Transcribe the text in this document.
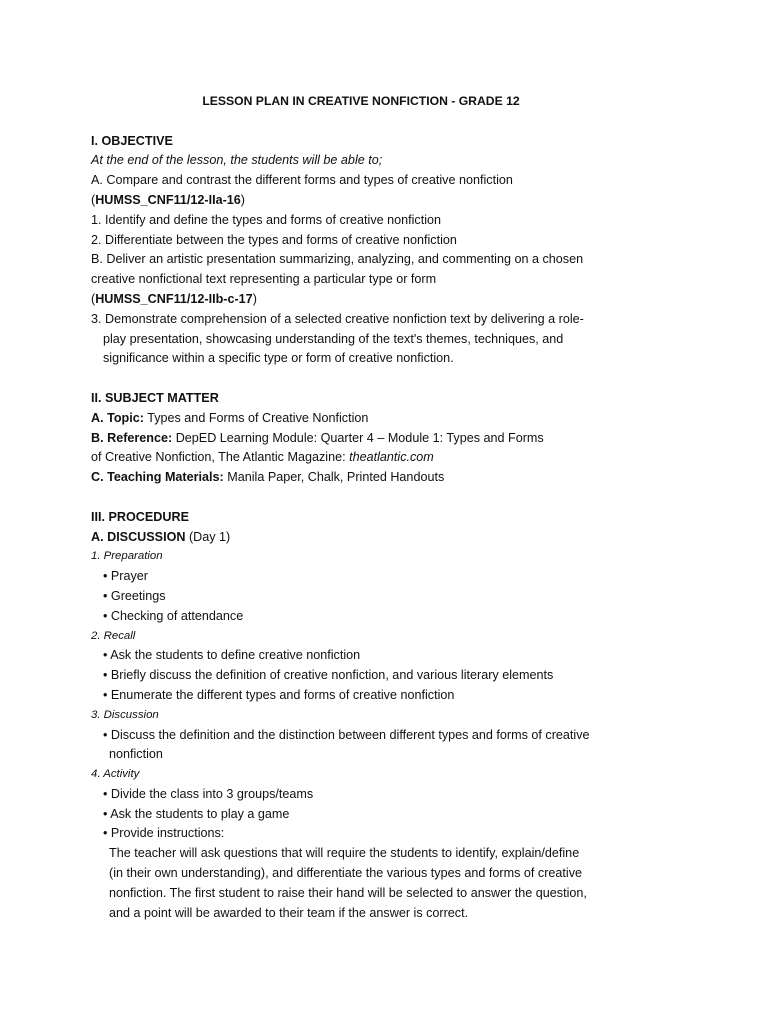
LESSON PLAN IN CREATIVE NONFICTION - GRADE 12
I. OBJECTIVE
At the end of the lesson, the students will be able to;
A. Compare and contrast the different forms and types of creative nonfiction
(HUMSS_CNF11/12-IIa-16)
1. Identify and define the types and forms of creative nonfiction
2. Differentiate between the types and forms of creative nonfiction
B. Deliver an artistic presentation summarizing, analyzing, and commenting on a chosen
creative nonfictional text representing a particular type or form
(HUMSS_CNF11/12-IIb-c-17)
3. Demonstrate comprehension of a selected creative nonfiction text by delivering a role-
play presentation, showcasing understanding of the text's themes, techniques, and
significance within a specific type or form of creative nonfiction.
II. SUBJECT MATTER
A. Topic: Types and Forms of Creative Nonfiction
B. Reference: DepED Learning Module: Quarter 4 – Module 1: Types and Forms
of Creative Nonfiction, The Atlantic Magazine: theatlantic.com
C. Teaching Materials: Manila Paper, Chalk, Printed Handouts
III. PROCEDURE
A. DISCUSSION (Day 1)
1. Preparation
• Prayer
• Greetings
• Checking of attendance
2. Recall
• Ask the students to define creative nonfiction
• Briefly discuss the definition of creative nonfiction, and various literary elements
• Enumerate the different types and forms of creative nonfiction
3. Discussion
• Discuss the definition and the distinction between different types and forms of creative
nonfiction
4. Activity
• Divide the class into 3 groups/teams
• Ask the students to play a game
• Provide instructions:
The teacher will ask questions that will require the students to identify, explain/define
(in their own understanding), and differentiate the various types and forms of creative
nonfiction. The first student to raise their hand will be selected to answer the question,
and a point will be awarded to their team if the answer is correct.
